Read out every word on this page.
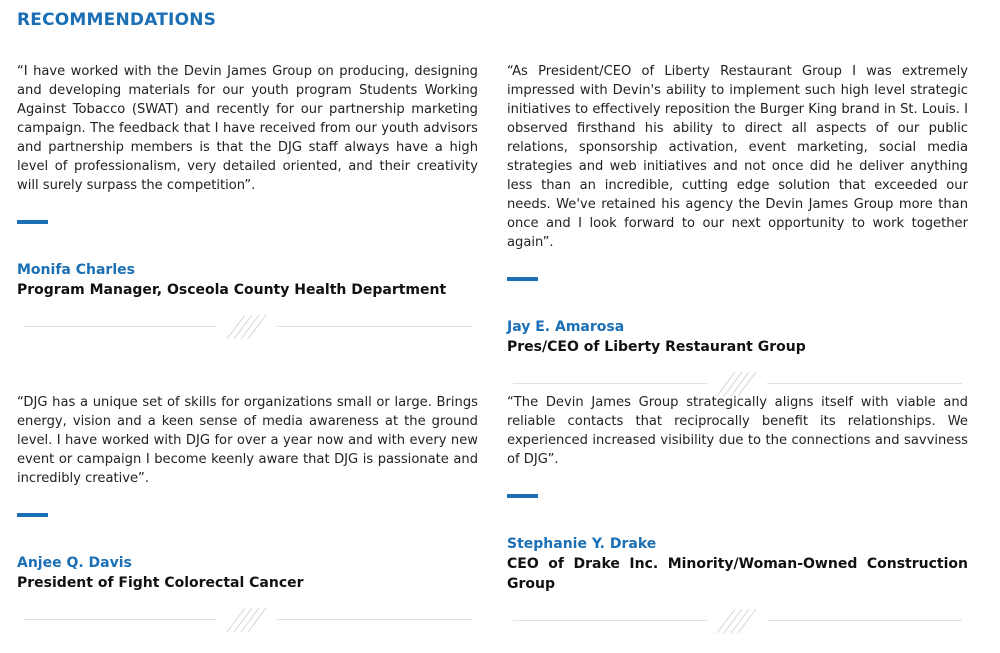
RECOMMENDATIONS

“I have worked with the Devin James Group on producing, designing and developing materials for our youth program Students Working Against Tobacco (SWAT) and recently for our partnership marketing campaign. The feedback that I have received from our youth advisors and partnership members is that the DJG staff always have a high level of professionalism, very detailed oriented, and their creativity will surely surpass the competition”.

Monifa Charles
Program Manager, Osceola County Health Department

“As President/CEO of Liberty Restaurant Group I was extremely impressed with Devin's ability to implement such high level strategic initiatives to effectively reposition the Burger King brand in St. Louis. I observed firsthand his ability to direct all aspects of our public relations, sponsorship activation, event marketing, social media strategies and web initiatives and not once did he deliver anything less than an incredible, cutting edge solution that exceeded our needs. We've retained his agency the Devin James Group more than once and I look forward to our next opportunity to work together again”.

Jay E. Amarosa
Pres/CEO of Liberty Restaurant Group

“DJG has a unique set of skills for organizations small or large. Brings energy, vision and a keen sense of media awareness at the ground level. I have worked with DJG for over a year now and with every new event or campaign I become keenly aware that DJG is passionate and incredibly creative”.

Anjee Q. Davis
President of Fight Colorectal Cancer

“The Devin James Group strategically aligns itself with viable and reliable contacts that reciprocally benefit its relationships. We experienced increased visibility due to the connections and savviness of DJG”.

Stephanie Y. Drake
CEO of Drake Inc. Minority/Woman-Owned Construction Group
